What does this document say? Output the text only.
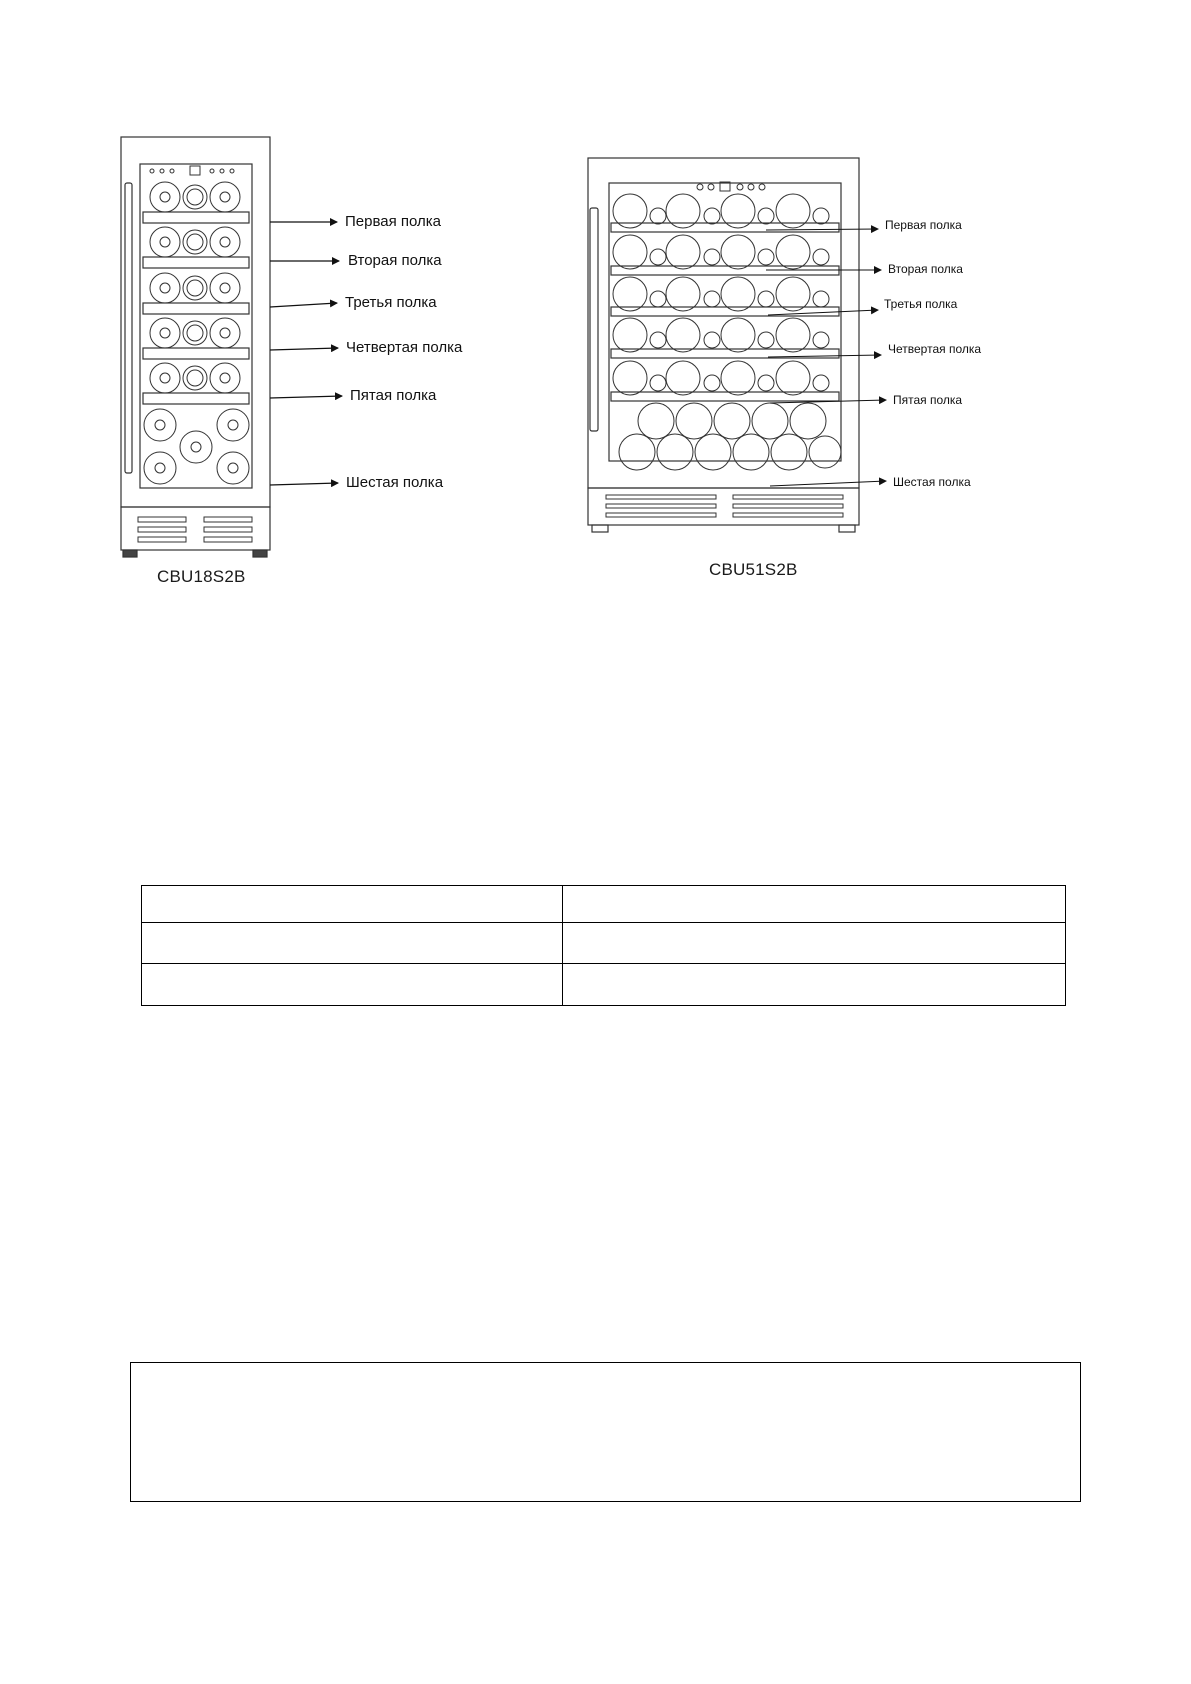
Первая полка
Вторая полка
Третья полка
Четвертая полка
Пятая полка
Шестая полка
Первая полка
Вторая полка
Третья полка
Четвертая полка
Пятая полка
Шестая полка
CBU18S2B	CBU51S2B
